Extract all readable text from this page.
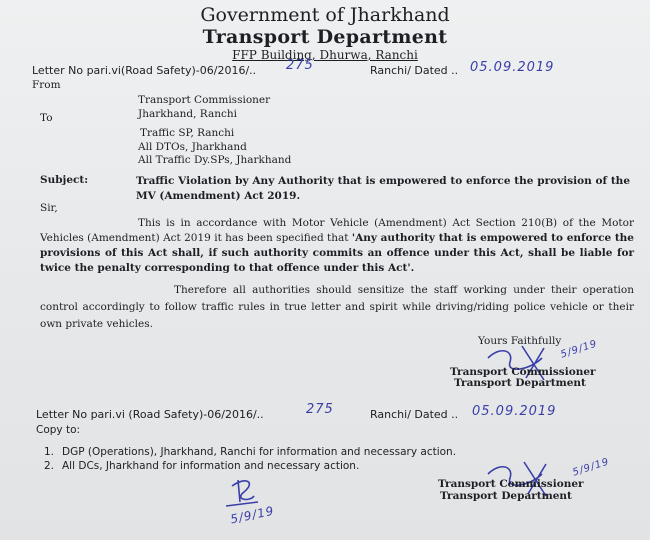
Government of Jharkhand
Transport Department
FFP Building, Dhurwa, Ranchi
Letter No pari.vi(Road Safety)-06/2016/.. 275	Ranchi/ Dated .. 05.09.2019
From
Transport Commissioner
Jharkhand, Ranchi
To
Traffic SP, Ranchi
All DTOs, Jharkhand
All Traffic Dy.SPs, Jharkhand
Subject:	Traffic Violation by Any Authority that is empowered to enforce the provision of the MV (Amendment) Act 2019.
Sir,
This is in accordance with Motor Vehicle (Amendment) Act Section 210(B) of the Motor Vehicles (Amendment) Act 2019 it has been specified that 'Any authority that is empowered to enforce the provisions of this Act shall, if such authority commits an offence under this Act, shall be liable for twice the penalty corresponding to that offence under this Act'.
Therefore all authorities should sensitize the staff working under their operation control accordingly to follow traffic rules in true letter and spirit while driving/riding police vehicle or their own private vehicles.
Yours Faithfully
5/9/19
Transport Commissioner
Transport Department
Letter No pari.vi (Road Safety)-06/2016/..	275	Ranchi/ Dated .. 05.09.2019
Copy to:
1. DGP (Operations), Jharkhand, Ranchi for information and necessary action.
2. All DCs, Jharkhand for information and necessary action.	5/9/19
Transport Commissioner
Transport Department
5/9/19
